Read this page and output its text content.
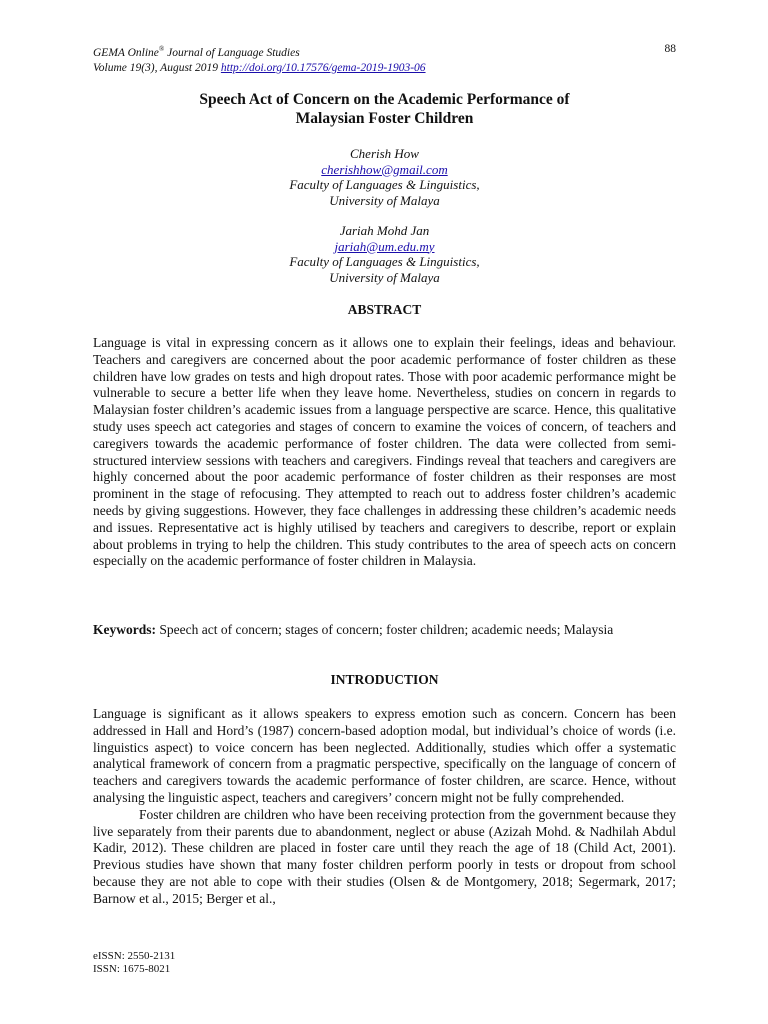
GEMA Online® Journal of Language Studies
Volume 19(3), August 2019 http://doi.org/10.17576/gema-2019-1903-06
88
Speech Act of Concern on the Academic Performance of
Malaysian Foster Children
Cherish How
cherishhow@gmail.com
Faculty of Languages & Linguistics,
University of Malaya
Jariah Mohd Jan
jariah@um.edu.my
Faculty of Languages & Linguistics,
University of Malaya
ABSTRACT

Language is vital in expressing concern as it allows one to explain their feelings, ideas and behaviour. Teachers and caregivers are concerned about the poor academic performance of foster children as these children have low grades on tests and high dropout rates. Those with poor academic performance might be vulnerable to secure a better life when they leave home. Nevertheless, studies on concern in regards to Malaysian foster children’s academic issues from a language perspective are scarce. Hence, this qualitative study uses speech act categories and stages of concern to examine the voices of concern, of teachers and caregivers towards the academic performance of foster children. The data were collected from semi-structured interview sessions with teachers and caregivers. Findings reveal that teachers and caregivers are highly concerned about the poor academic performance of foster children as their responses are most prominent in the stage of refocusing. They attempted to reach out to address foster children’s academic needs by giving suggestions. However, they face challenges in addressing these children’s academic needs and issues. Representative act is highly utilised by teachers and caregivers to describe, report or explain about problems in trying to help the children. This study contributes to the area of speech acts on concern especially on the academic performance of foster children in Malaysia.

Keywords: Speech act of concern; stages of concern; foster children; academic needs; Malaysia

INTRODUCTION

Language is significant as it allows speakers to express emotion such as concern. Concern has been addressed in Hall and Hord’s (1987) concern-based adoption modal, but individual’s choice of words (i.e. linguistics aspect) to voice concern has been neglected. Additionally, studies which offer a systematic analytical framework of concern from a pragmatic perspective, specifically on the language of concern of teachers and caregivers towards the academic performance of foster children, are scarce. Hence, without analysing the linguistic aspect, teachers and caregivers’ concern might not be fully comprehended.

Foster children are children who have been receiving protection from the government because they live separately from their parents due to abandonment, neglect or abuse (Azizah Mohd. & Nadhilah Abdul Kadir, 2012). These children are placed in foster care until they reach the age of 18 (Child Act, 2001). Previous studies have shown that many foster children perform poorly in tests or dropout from school because they are not able to cope with their studies (Olsen & de Montgomery, 2018; Segermark, 2017; Barnow et al., 2015; Berger et al.,

eISSN: 2550-2131
ISSN: 1675-8021
